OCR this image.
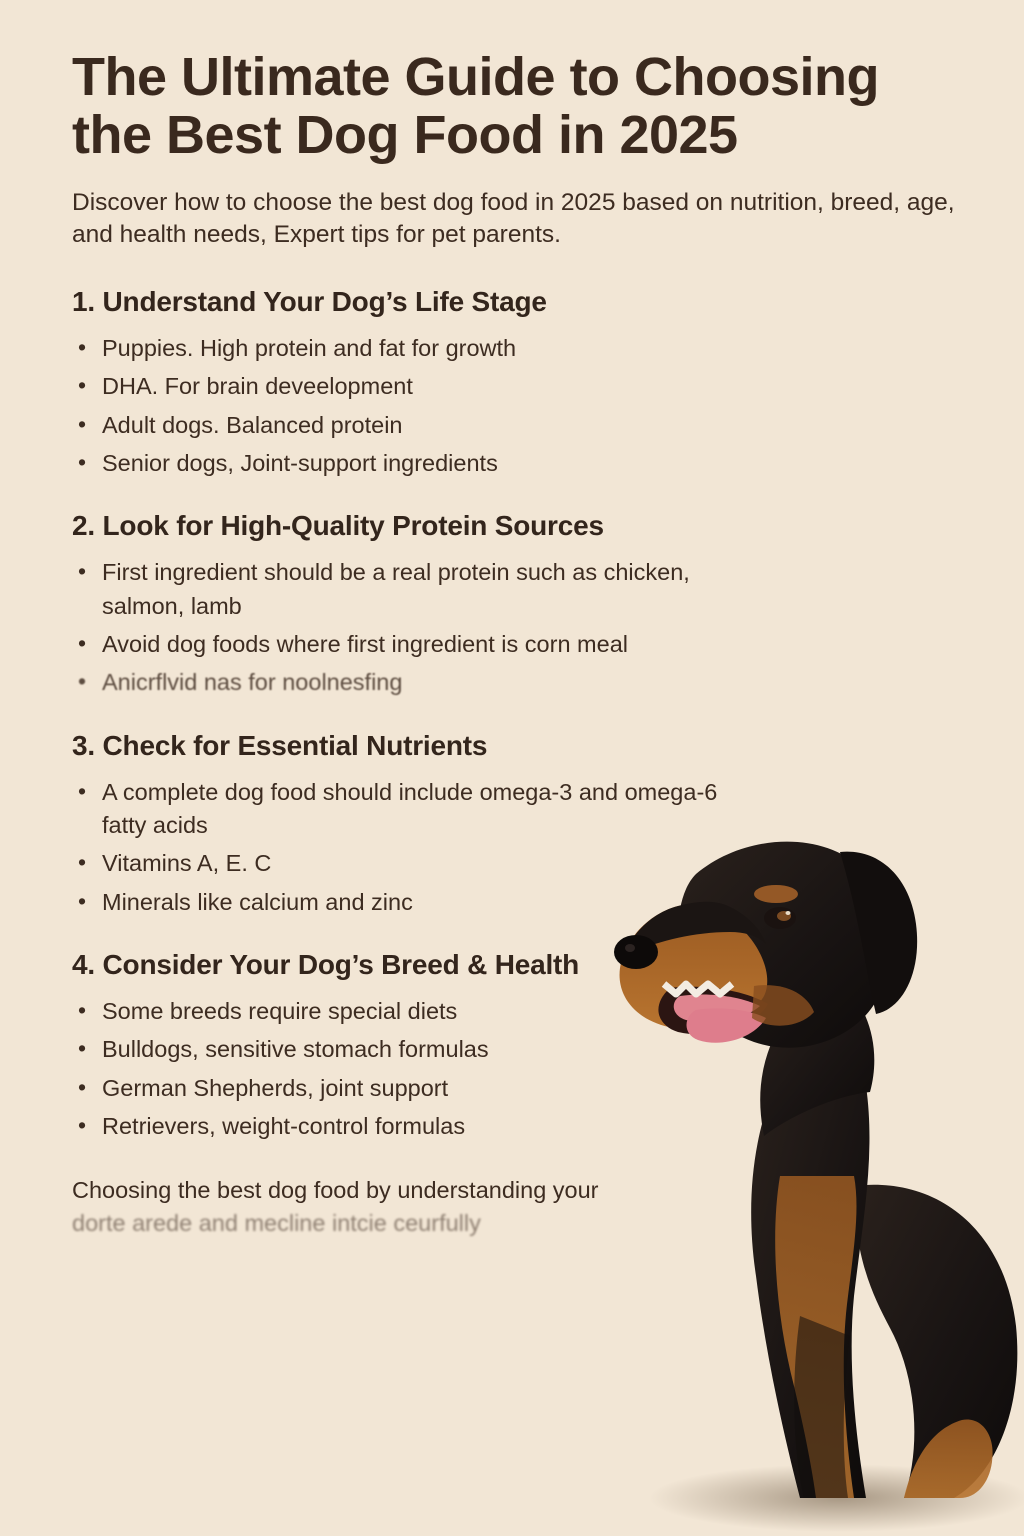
The Ultimate Guide to Choosing the Best Dog Food in 2025

Discover how to choose the best dog food in 2025 based on nutrition, breed, age, and health needs, Expert tips for pet parents.

1. Understand Your Dog’s Life Stage
• Puppies. High protein and fat for growth
• DHA. For brain deveelopment
• Adult dogs. Balanced protein
• Senior dogs, Joint-support ingredients
2. Look for High-Quality Protein Sources
• First ingredient should be a real protein such as chicken, salmon, lamb
• Avoid dog foods where first ingredient is corn meal
• Anicrflvid nas for noolnesfing
3. Check for Essential Nutrients
• A complete dog food should include omega-3 and omega-6 fatty acids
• Vitamins A, E. C
• Minerals like calcium and zinc
4. Consider Your Dog’s Breed & Health
• Some breeds require special diets
• Bulldogs, sensitive stomach formulas
• German Shepherds, joint support
• Retrievers, weight-control formulas

Choosing the best dog food by understanding your
dorte arede and mecline intcie ceurfully
